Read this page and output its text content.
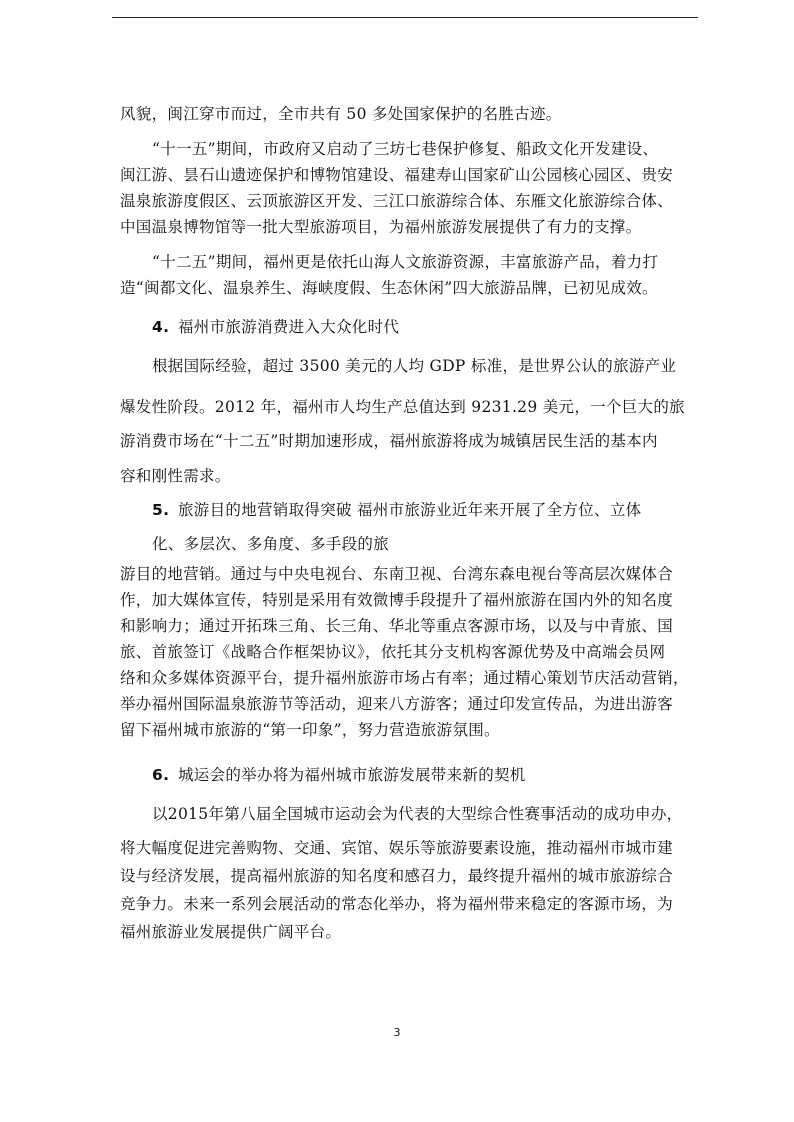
风貌，闽江穿市而过，全市共有 50 多处国家保护的名胜古迹。
“十一五”期间，市政府又启动了三坊七巷保护修复、船政文化开发建设、
闽江游、昙石山遗迹保护和博物馆建设、福建寿山国家矿山公园核心园区、贵安
温泉旅游度假区、云顶旅游区开发、三江口旅游综合体、东雁文化旅游综合体、
中国温泉博物馆等一批大型旅游项目，为福州旅游发展提供了有力的支撑。
“十二五”期间，福州更是依托山海人文旅游资源，丰富旅游产品，着力打
造“闽都文化、温泉养生、海峡度假、生态休闲”四大旅游品牌，已初见成效。
4. 福州市旅游消费进入大众化时代
根据国际经验，超过 3500 美元的人均 GDP 标准，是世界公认的旅游产业
爆发性阶段。2012 年，福州市人均生产总值达到 9231.29 美元，一个巨大的旅
游消费市场在“十二五”时期加速形成，福州旅游将成为城镇居民生活的基本内
容和刚性需求。
5. 旅游目的地营销取得突破 福州市旅游业近年来开展了全方位、立体
化、多层次、多角度、多手段的旅
游目的地营销。通过与中央电视台、东南卫视、台湾东森电视台等高层次媒体合
作，加大媒体宣传，特别是采用有效微博手段提升了福州旅游在国内外的知名度
和影响力；通过开拓珠三角、长三角、华北等重点客源市场，以及与中青旅、国
旅、首旅签订《战略合作框架协议》，依托其分支机构客源优势及中高端会员网
络和众多媒体资源平台，提升福州旅游市场占有率；通过精心策划节庆活动营销，
举办福州国际温泉旅游节等活动，迎来八方游客；通过印发宣传品，为进出游客
留下福州城市旅游的“第一印象”，努力营造旅游氛围。
6. 城运会的举办将为福州城市旅游发展带来新的契机
以2015年第八届全国城市运动会为代表的大型综合性赛事活动的成功申办，
将大幅度促进完善购物、交通、宾馆、娱乐等旅游要素设施，推动福州市城市建
设与经济发展，提高福州旅游的知名度和感召力，最终提升福州的城市旅游综合
竞争力。未来一系列会展活动的常态化举办，将为福州带来稳定的客源市场，为
福州旅游业发展提供广阔平台。
3
